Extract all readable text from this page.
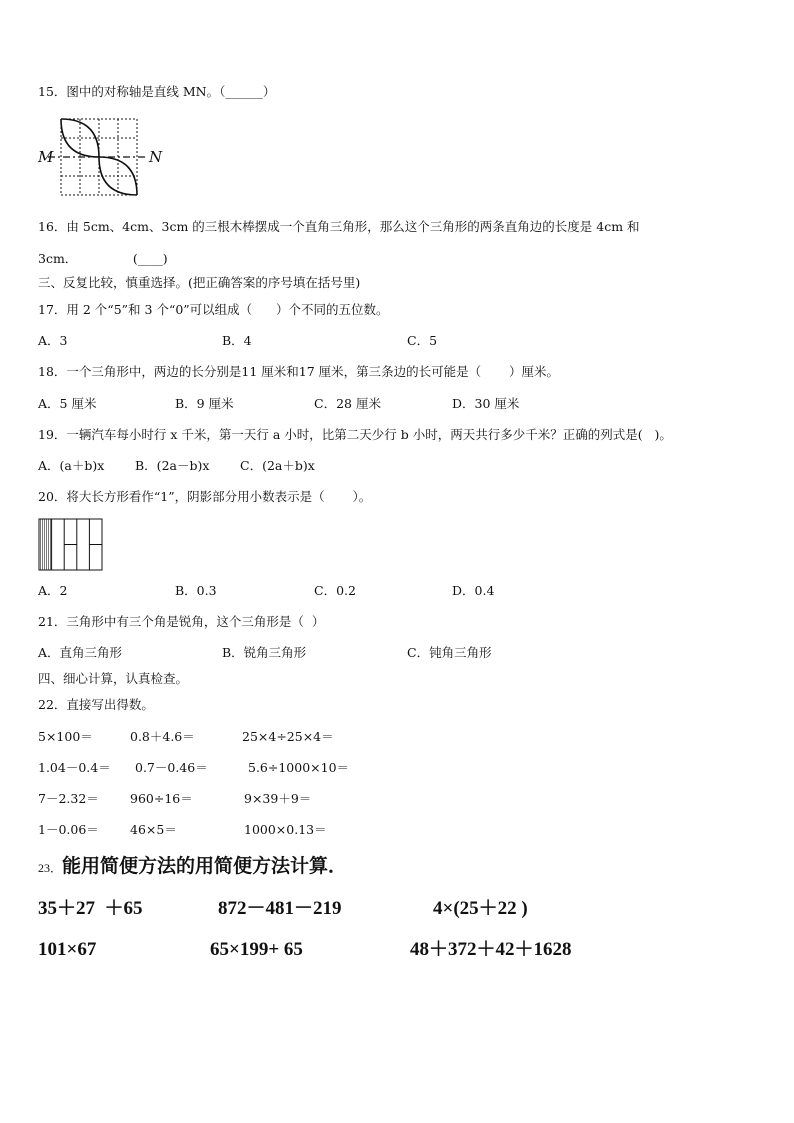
15．图中的对称轴是直线 MN。（______）
M	N
16．由 5cm、4cm、3cm 的三根木棒摆成一个直角三角形，那么这个三角形的两条直角边的长度是 4cm 和
3cm．              (____)
三、反复比较，慎重选择。(把正确答案的序号填在括号里)
17．用 2 个“5”和 3 个“0”可以组成（      ）个不同的五位数。
A．3	B．4	C．5
18．一个三角形中，两边的长分别是11 厘米和17 厘米，第三条边的长可能是（       ）厘米。
A．5 厘米	B．9 厘米	C．28 厘米	D．30 厘米
19．一辆汽车每小时行 x 千米，第一天行 a 小时，比第二天少行 b 小时，两天共行多少千米？正确的列式是(   )。
A．(a＋b)x B．(2a－b)x C．(2a＋b)x
20．将大长方形看作“1”，阴影部分用小数表示是（       ）。
A．2	B．0.3	C．0.2	D．0.4
21．三角形中有三个角是锐角，这个三角形是（  ）
A．直角三角形	B．锐角三角形	C．钝角三角形
四、细心计算，认真检查。
22．直接写出得数。
5×100＝	0.8＋4.6＝	25×4÷25×4＝
1.04－0.4＝ 0.7－0.46＝	5.6÷1000×10＝
7－2.32＝ 960÷16＝	9×39＋9＝
1－0.06＝ 46×5＝	1000×0.13＝
23．能用简便方法的用简便方法计算．
35＋27  ＋65	872－481－219	4×(25＋22 )
101×67	65×199+ 65	48＋372＋42＋1628
